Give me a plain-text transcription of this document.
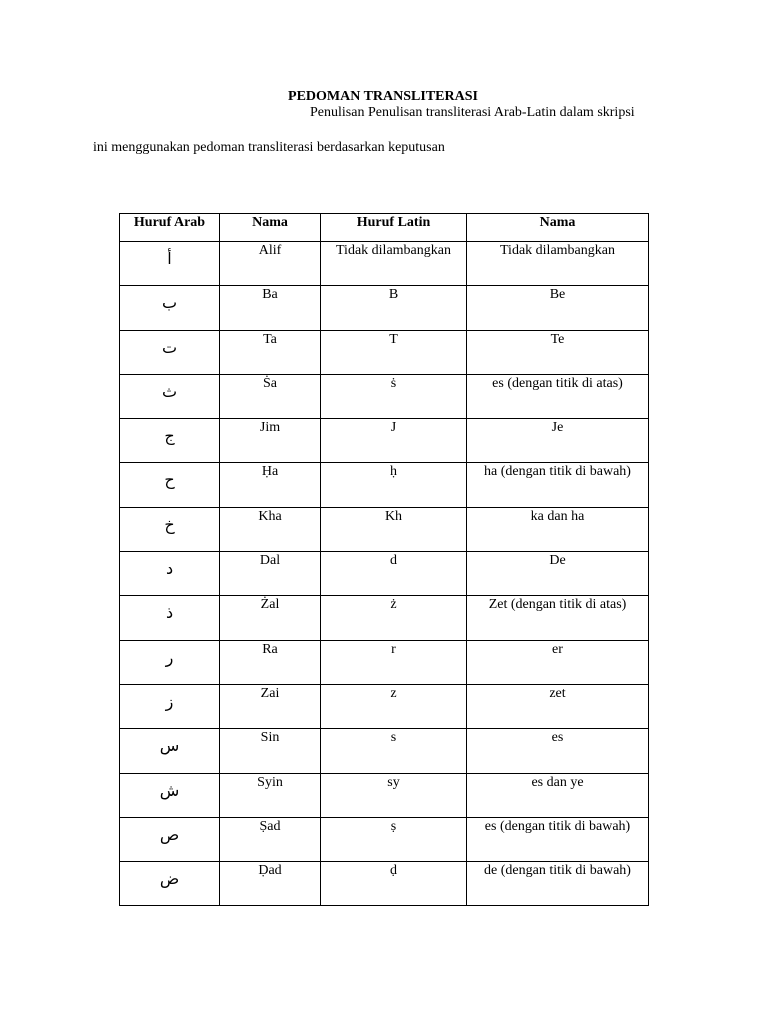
PEDOMAN TRANSLITERASI
Penulisan Penulisan transliterasi Arab-Latin dalam skripsi
ini menggunakan pedoman transliterasi berdasarkan keputusan
Huruf Arab	Nama	Huruf Latin	Nama
أ	Alif	Tidak dilambangkan	Tidak dilambangkan
ب	Ba	B	Be
ت	Ta	T	Te
ث	Ṡa	ṡ	es (dengan titik di atas)
ج	Jim	J	Je
ح	Ḥa	ḥ	ha (dengan titik di bawah)
خ	Kha	Kh	ka dan ha
د	Dal	d	De
ذ	Żal	ż	Zet (dengan titik di atas)
ر	Ra	r	er
ز	Zai	z	zet
س	Sin	s	es
ش	Syin	sy	es dan ye
ص	Ṣad	ṣ	es (dengan titik di bawah)
ض	Ḍad	ḍ	de (dengan titik di bawah)
